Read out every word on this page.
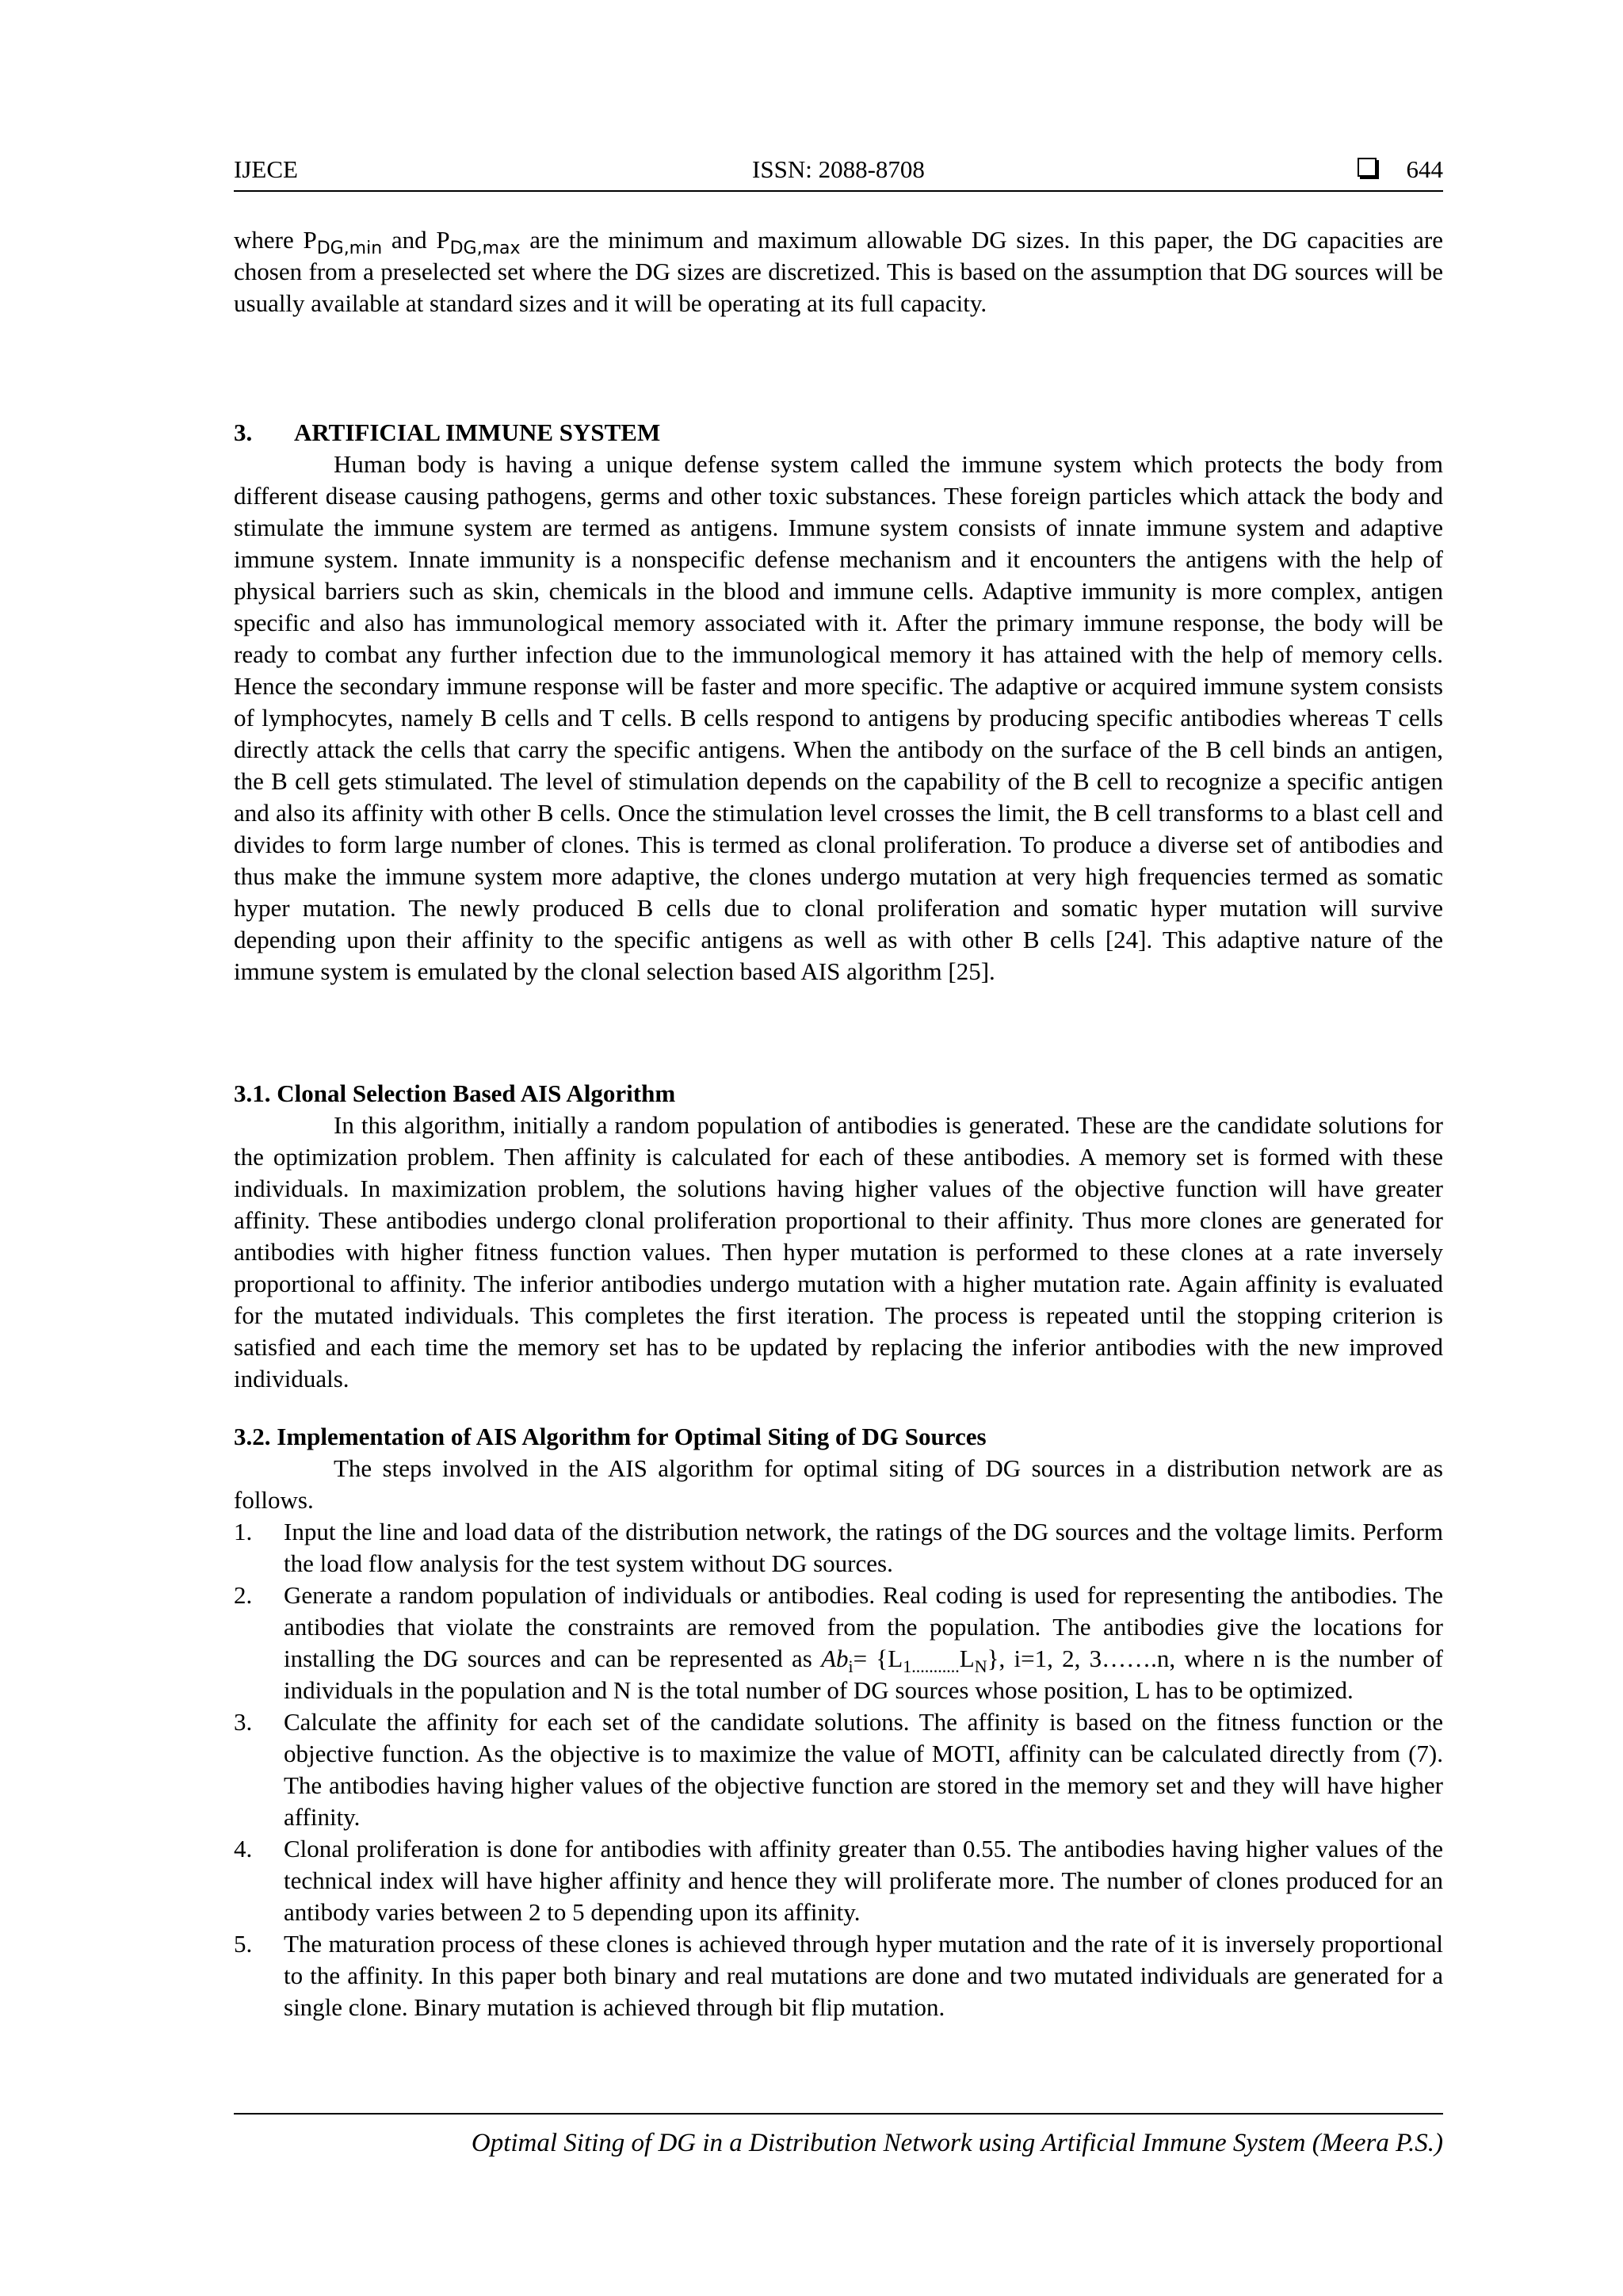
IJECE	ISSN: 2088-8708	644

where $P_{DG,min}$ and $P_{DG,max}$ are the minimum and maximum allowable DG sizes. In this paper, the DG capacities are chosen from a preselected set where the DG sizes are discretized. This is based on the assumption that DG sources will be usually available at standard sizes and it will be operating at its full capacity.

3. ARTIFICIAL IMMUNE SYSTEM

Human body is having a unique defense system called the immune system which protects the body from different disease causing pathogens, germs and other toxic substances. These foreign particles which attack the body and stimulate the immune system are termed as antigens. Immune system consists of innate immune system and adaptive immune system. Innate immunity is a nonspecific defense mechanism and it encounters the antigens with the help of physical barriers such as skin, chemicals in the blood and immune cells. Adaptive immunity is more complex, antigen specific and also has immunological memory associated with it. After the primary immune response, the body will be ready to combat any further infection due to the immunological memory it has attained with the help of memory cells. Hence the secondary immune response will be faster and more specific. The adaptive or acquired immune system consists of lymphocytes, namely B cells and T cells. B cells respond to antigens by producing specific antibodies whereas T cells directly attack the cells that carry the specific antigens. When the antibody on the surface of the B cell binds an antigen, the B cell gets stimulated. The level of stimulation depends on the capability of the B cell to recognize a specific antigen and also its affinity with other B cells. Once the stimulation level crosses the limit, the B cell transforms to a blast cell and divides to form large number of clones. This is termed as clonal proliferation. To produce a diverse set of antibodies and thus make the immune system more adaptive, the clones undergo mutation at very high frequencies termed as somatic hyper mutation. The newly produced B cells due to clonal proliferation and somatic hyper mutation will survive depending upon their affinity to the specific antigens as well as with other B cells [24]. This adaptive nature of the immune system is emulated by the clonal selection based AIS algorithm [25].

3.1. Clonal Selection Based AIS Algorithm

In this algorithm, initially a random population of antibodies is generated. These are the candidate solutions for the optimization problem. Then affinity is calculated for each of these antibodies. A memory set is formed with these individuals. In maximization problem, the solutions having higher values of the objective function will have greater affinity. These antibodies undergo clonal proliferation proportional to their affinity. Thus more clones are generated for antibodies with higher fitness function values. Then hyper mutation is performed to these clones at a rate inversely proportional to affinity. The inferior antibodies undergo mutation with a higher mutation rate. Again affinity is evaluated for the mutated individuals. This completes the first iteration. The process is repeated until the stopping criterion is satisfied and each time the memory set has to be updated by replacing the inferior antibodies with the new improved individuals.

3.2. Implementation of AIS Algorithm for Optimal Siting of DG Sources

The steps involved in the AIS algorithm for optimal siting of DG sources in a distribution network are as follows.

1. Input the line and load data of the distribution network, the ratings of the DG sources and the voltage limits. Perform the load flow analysis for the test system without DG sources.
2. Generate a random population of individuals or antibodies. Real coding is used for representing the antibodies. The antibodies that violate the constraints are removed from the population. The antibodies give the locations for installing the DG sources and can be represented as $Ab_i= \{L_{1...........}L_N\}$, i=1, 2, 3…….n, where n is the number of individuals in the population and N is the total number of DG sources whose position, L has to be optimized.
3. Calculate the affinity for each set of the candidate solutions. The affinity is based on the fitness function or the objective function. As the objective is to maximize the value of MOTI, affinity can be calculated directly from (7). The antibodies having higher values of the objective function are stored in the memory set and they will have higher affinity.
4. Clonal proliferation is done for antibodies with affinity greater than 0.55. The antibodies having higher values of the technical index will have higher affinity and hence they will proliferate more. The number of clones produced for an antibody varies between 2 to 5 depending upon its affinity.
5. The maturation process of these clones is achieved through hyper mutation and the rate of it is inversely proportional to the affinity. In this paper both binary and real mutations are done and two mutated individuals are generated for a single clone. Binary mutation is achieved through bit flip mutation.
Optimal Siting of DG in a Distribution Network using Artificial Immune System (Meera P.S.)
